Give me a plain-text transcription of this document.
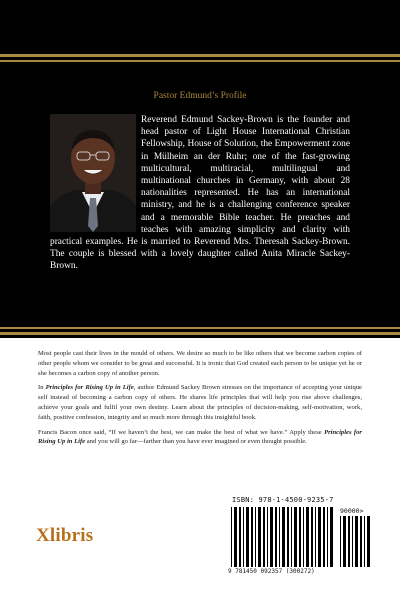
Pastor Edmund’s Profile
Reverend Edmund Sackey-Brown is the founder and head pastor of Light House International Christian Fellowship, House of Solution, the Empowerment zone in Mülheim an der Ruhr; one of the fast-growing multicultural, multiracial, multilingual and multinational churches in Germany, with about 28 nationalities represented. He has an international ministry, and he is a challenging conference speaker and a memorable Bible teacher. He preaches and teaches with amazing simplicity and clarity with practical examples. He is married to Reverend Mrs. Theresah Sackey-Brown. The couple is blessed with a lovely daughter called Anita Miracle Sackey-Brown.

Most people cast their lives in the mould of others. We desire so much to be like others that we become carbon copies of other people whom we consider to be great and successful. It is ironic that God created each person to be unique yet he or she becomes a carbon copy of another person.

In Principles for Rising Up in Life, author Edmund Sackey Brown stresses on the importance of accepting your unique self instead of becoming a carbon copy of others. He shares life principles that will help you rise above challenges, achieve your goals and fulfil your own destiny. Learn about the principles of decision-making, self-motivation, work, faith, positive confession, integrity and so much more through this insightful book.

Francis Bacon once said, “If we haven’t the best, we can make the best of what we have.” Apply these Principles for Rising Up in Life and you will go far—farther than you have ever imagined or even thought possible.

Xlibris
ISBN: 978-1-4500-9235-7
90000>
9 781450 092357 (300272)
